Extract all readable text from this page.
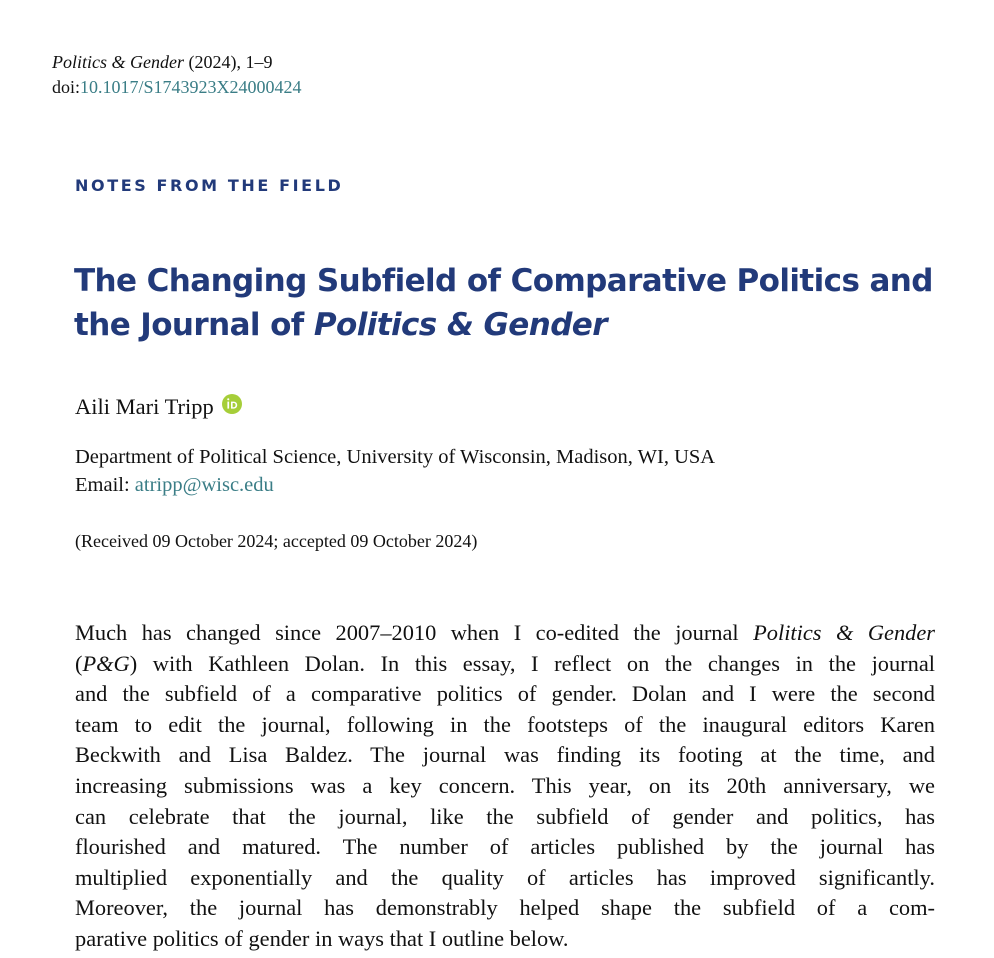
Politics & Gender (2024), 1–9
doi:10.1017/S1743923X24000424
NOTES FROM THE FIELD
The Changing Subfield of Comparative Politics and
the Journal of Politics & Gender
Aili Mari Tripp
Department of Political Science, University of Wisconsin, Madison, WI, USA
Email: atripp@wisc.edu
(Received 09 October 2024; accepted 09 October 2024)
Much has changed since 2007–2010 when I co-edited the journal Politics & Gender
(P&G) with Kathleen Dolan. In this essay, I reflect on the changes in the journal
and the subfield of a comparative politics of gender. Dolan and I were the second
team to edit the journal, following in the footsteps of the inaugural editors Karen
Beckwith and Lisa Baldez. The journal was finding its footing at the time, and
increasing submissions was a key concern. This year, on its 20th anniversary, we
can celebrate that the journal, like the subfield of gender and politics, has
flourished and matured. The number of articles published by the journal has
multiplied exponentially and the quality of articles has improved significantly.
Moreover, the journal has demonstrably helped shape the subfield of a com-
parative politics of gender in ways that I outline below.
